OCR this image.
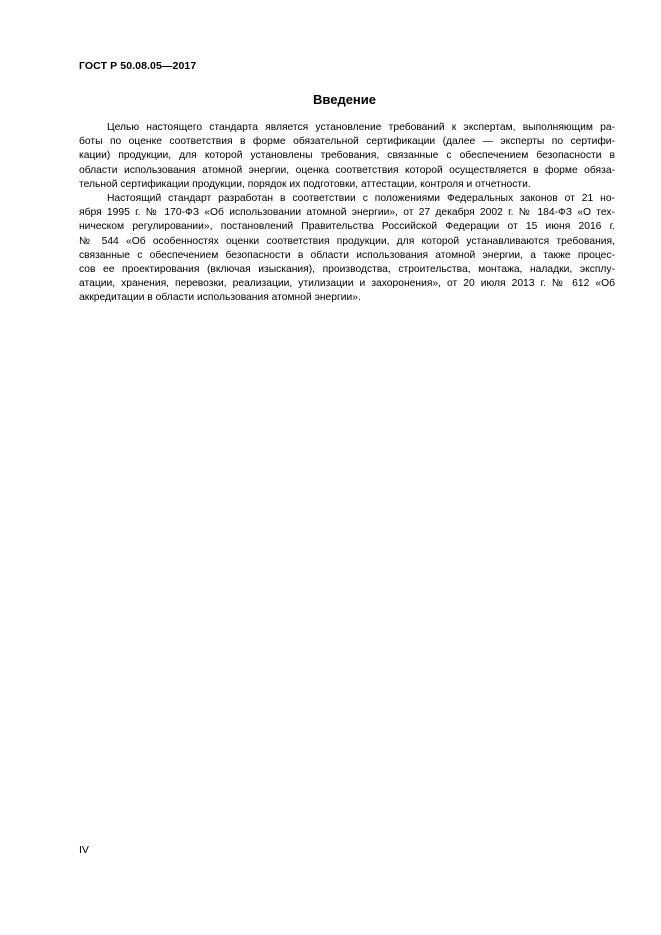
ГОСТ Р 50.08.05—2017
Введение
Целью настоящего стандарта является установление требований к экспертам, выполняющим ра-
боты по оценке соответствия в форме обязательной сертификации (далее — эксперты по сертифи-
кации) продукции, для которой установлены требования, связанные с обеспечением безопасности в
области использования атомной энергии, оценка соответствия которой осуществляется в форме обяза-
тельной сертификации продукции, порядок их подготовки, аттестации, контроля и отчетности.
Настоящий стандарт разработан в соответствии с положениями Федеральных законов от 21 но-
ября 1995 г. № 170-ФЗ «Об использовании атомной энергии», от 27 декабря 2002 г. № 184-ФЗ «О тех-
ническом регулировании», постановлений Правительства Российской Федерации от 15 июня 2016 г.
№ 544 «Об особенностях оценки соответствия продукции, для которой устанавливаются требования,
связанные с обеспечением безопасности в области использования атомной энергии, а также процес-
сов ее проектирования (включая изыскания), производства, строительства, монтажа, наладки, эксплу-
атации, хранения, перевозки, реализации, утилизации и захоронения», от 20 июля 2013 г. № 612 «Об
аккредитации в области использования атомной энергии».
IV
